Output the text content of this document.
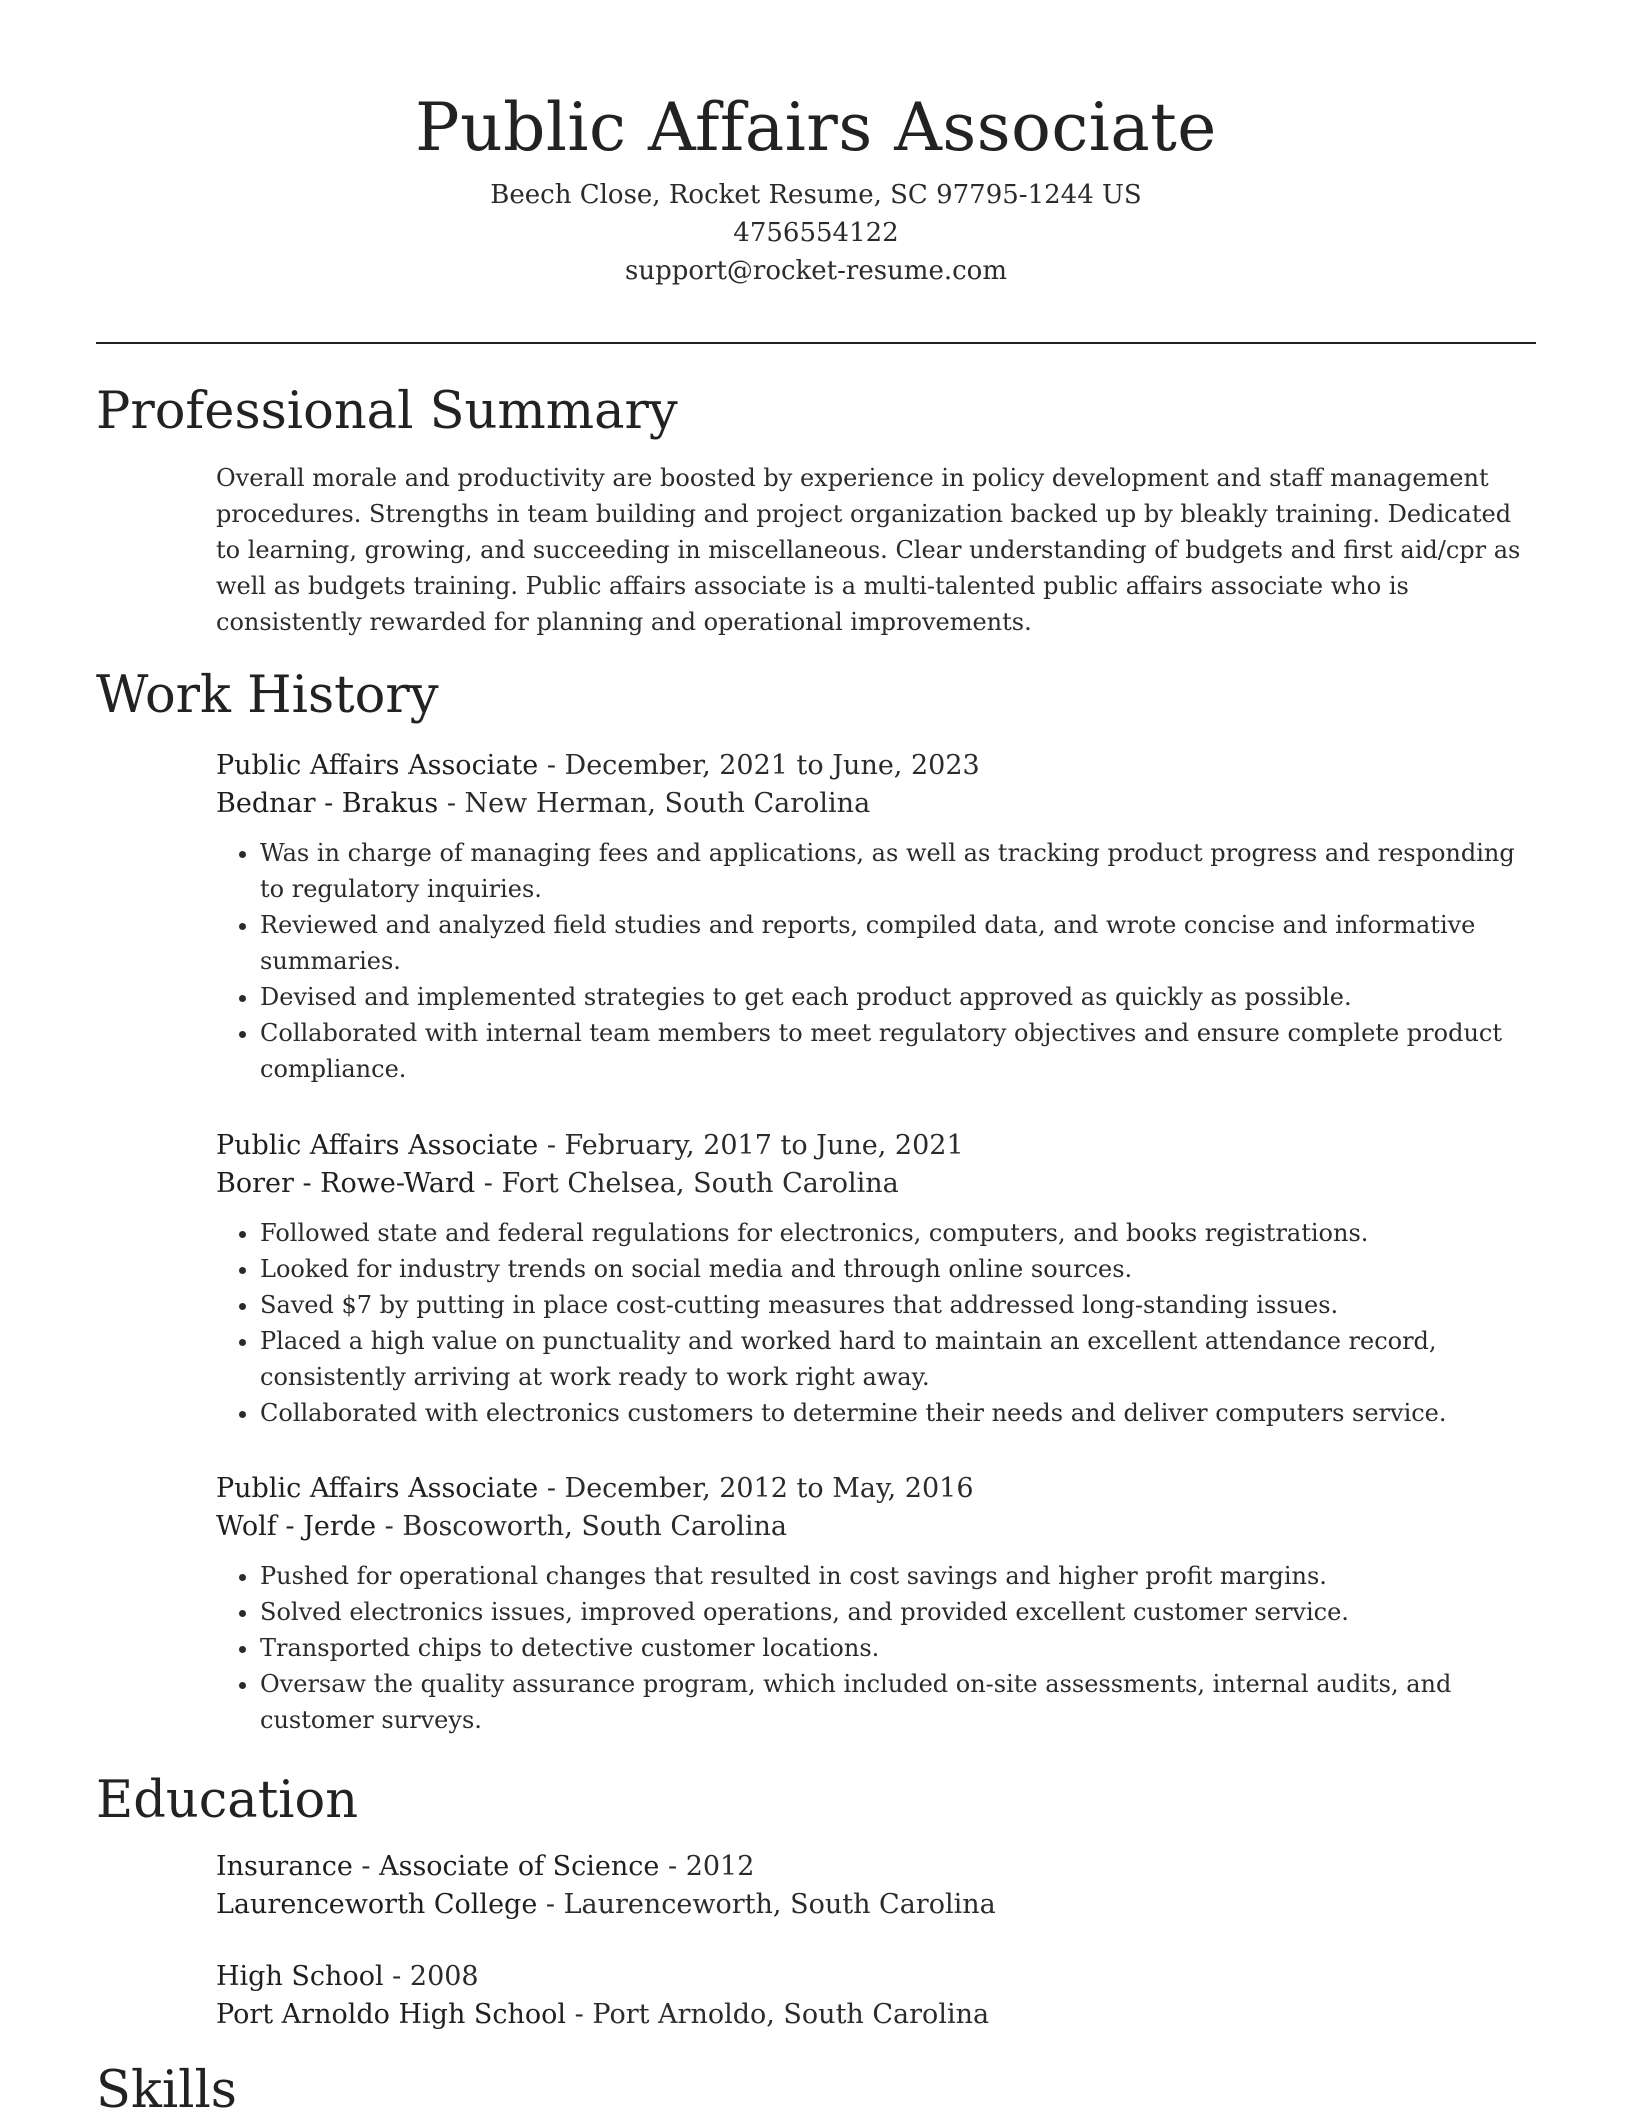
Public Affairs Associate
Beech Close, Rocket Resume, SC 97795-1244 US
4756554122
support@rocket-resume.com
Professional Summary
Overall morale and productivity are boosted by experience in policy development and staff management procedures. Strengths in team building and project organization backed up by bleakly training. Dedicated to learning, growing, and succeeding in miscellaneous. Clear understanding of budgets and first aid/cpr as well as budgets training. Public affairs associate is a multi-talented public affairs associate who is consistently rewarded for planning and operational improvements.
Work History
Public Affairs Associate - December, 2021 to June, 2023
Bednar - Brakus - New Herman, South Carolina
• Was in charge of managing fees and applications, as well as tracking product progress and responding to regulatory inquiries.
• Reviewed and analyzed field studies and reports, compiled data, and wrote concise and informative summaries.
• Devised and implemented strategies to get each product approved as quickly as possible.
• Collaborated with internal team members to meet regulatory objectives and ensure complete product compliance.
Public Affairs Associate - February, 2017 to June, 2021
Borer - Rowe-Ward - Fort Chelsea, South Carolina
• Followed state and federal regulations for electronics, computers, and books registrations.
• Looked for industry trends on social media and through online sources.
• Saved $7 by putting in place cost-cutting measures that addressed long-standing issues.
• Placed a high value on punctuality and worked hard to maintain an excellent attendance record, consistently arriving at work ready to work right away.
• Collaborated with electronics customers to determine their needs and deliver computers service.
Public Affairs Associate - December, 2012 to May, 2016
Wolf - Jerde - Boscoworth, South Carolina
• Pushed for operational changes that resulted in cost savings and higher profit margins.
• Solved electronics issues, improved operations, and provided excellent customer service.
• Transported chips to detective customer locations.
• Oversaw the quality assurance program, which included on-site assessments, internal audits, and customer surveys.
Education
Insurance - Associate of Science - 2012
Laurenceworth College - Laurenceworth, South Carolina
High School - 2008
Port Arnoldo High School - Port Arnoldo, South Carolina
Skills
